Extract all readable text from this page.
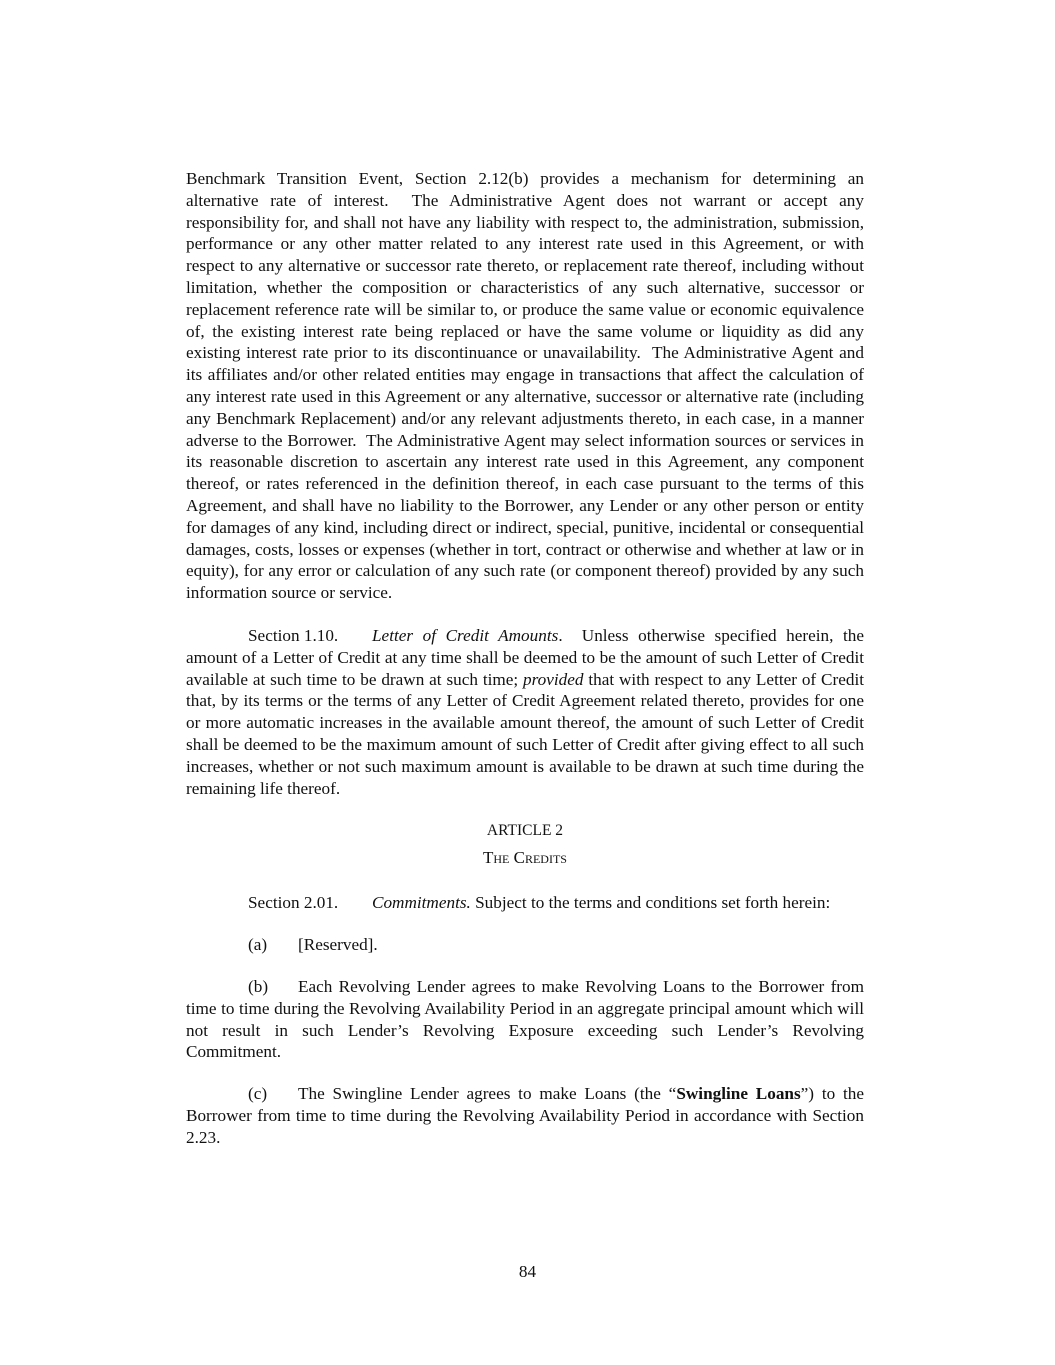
Benchmark Transition Event, Section 2.12(b) provides a mechanism for determining an alternative rate of interest.  The Administrative Agent does not warrant or accept any responsibility for, and shall not have any liability with respect to, the administration, submission, performance or any other matter related to any interest rate used in this Agreement, or with respect to any alternative or successor rate thereto, or replacement rate thereof, including without limitation, whether the composition or characteristics of any such alternative, successor or replacement reference rate will be similar to, or produce the same value or economic equivalence of, the existing interest rate being replaced or have the same volume or liquidity as did any existing interest rate prior to its discontinuance or unavailability.  The Administrative Agent and its affiliates and/or other related entities may engage in transactions that affect the calculation of any interest rate used in this Agreement or any alternative, successor or alternative rate (including any Benchmark Replacement) and/or any relevant adjustments thereto, in each case, in a manner adverse to the Borrower.  The Administrative Agent may select information sources or services in its reasonable discretion to ascertain any interest rate used in this Agreement, any component thereof, or rates referenced in the definition thereof, in each case pursuant to the terms of this Agreement, and shall have no liability to the Borrower, any Lender or any other person or entity for damages of any kind, including direct or indirect, special, punitive, incidental or consequential damages, costs, losses or expenses (whether in tort, contract or otherwise and whether at law or in equity), for any error or calculation of any such rate (or component thereof) provided by any such information source or service.

Section 1.10. Letter of Credit Amounts.  Unless otherwise specified herein, the amount of a Letter of Credit at any time shall be deemed to be the amount of such Letter of Credit available at such time to be drawn at such time; provided that with respect to any Letter of Credit that, by its terms or the terms of any Letter of Credit Agreement related thereto, provides for one or more automatic increases in the available amount thereof, the amount of such Letter of Credit shall be deemed to be the maximum amount of such Letter of Credit after giving effect to all such increases, whether or not such maximum amount is available to be drawn at such time during the remaining life thereof.

ARTICLE 2
The Credits

Section 2.01. Commitments. Subject to the terms and conditions set forth herein:

(a) [Reserved].

(b) Each Revolving Lender agrees to make Revolving Loans to the Borrower from time to time during the Revolving Availability Period in an aggregate principal amount which will not result in such Lender’s Revolving Exposure exceeding such Lender’s Revolving Commitment.

(c) The Swingline Lender agrees to make Loans (the “Swingline Loans”) to the Borrower from time to time during the Revolving Availability Period in accordance with Section 2.23.

84
